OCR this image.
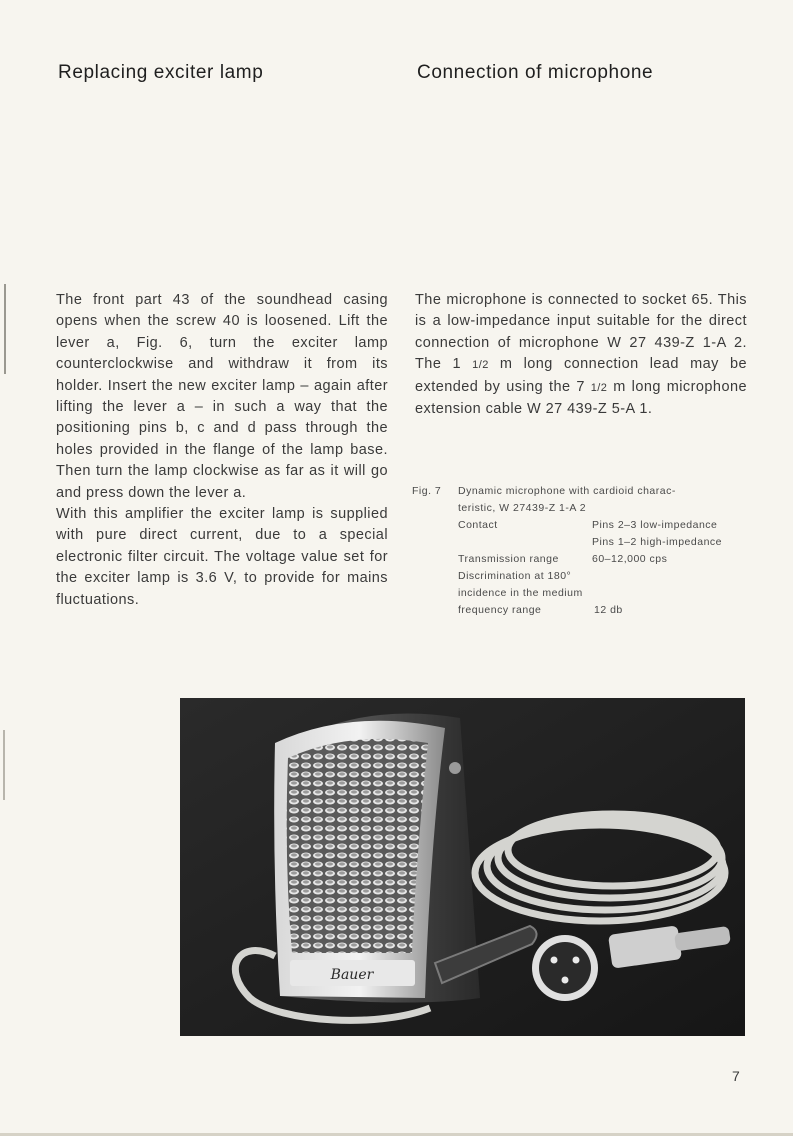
Replacing exciter lamp	Connection of microphone

The front part 43 of the soundhead casing opens when the screw 40 is loosened. Lift the lever a, Fig. 6, turn the exciter lamp counterclockwise and withdraw it from its holder. Insert the new exciter lamp – again after lifting the lever a – in such a way that the positioning pins b, c and d pass through the holes provided in the flange of the lamp base. Then turn the lamp clockwise as far as it will go and press down the lever a.

With this amplifier the exciter lamp is supplied with pure direct current, due to a special electronic filter circuit. The voltage value set for the exciter lamp is 3.6 V, to provide for mains fluctuations.

The microphone is connected to socket 65. This is a low-impedance input suitable for the direct connection of microphone W 27 439-Z 1-A 2. The 1 1/2 m long connection lead may be extended by using the 7 1/2 m long microphone extension cable W 27 439-Z 5-A 1.

Fig. 7 Dynamic microphone with cardioid charac-
teristic, W 27439-Z 1-A 2
Contact	Pins 2–3 low-impedance
Pins 1–2 high-impedance
Transmission range	60–12,000 cps
Discrimination at 180°
incidence in the medium
frequency range	12 db
Bauer
7
